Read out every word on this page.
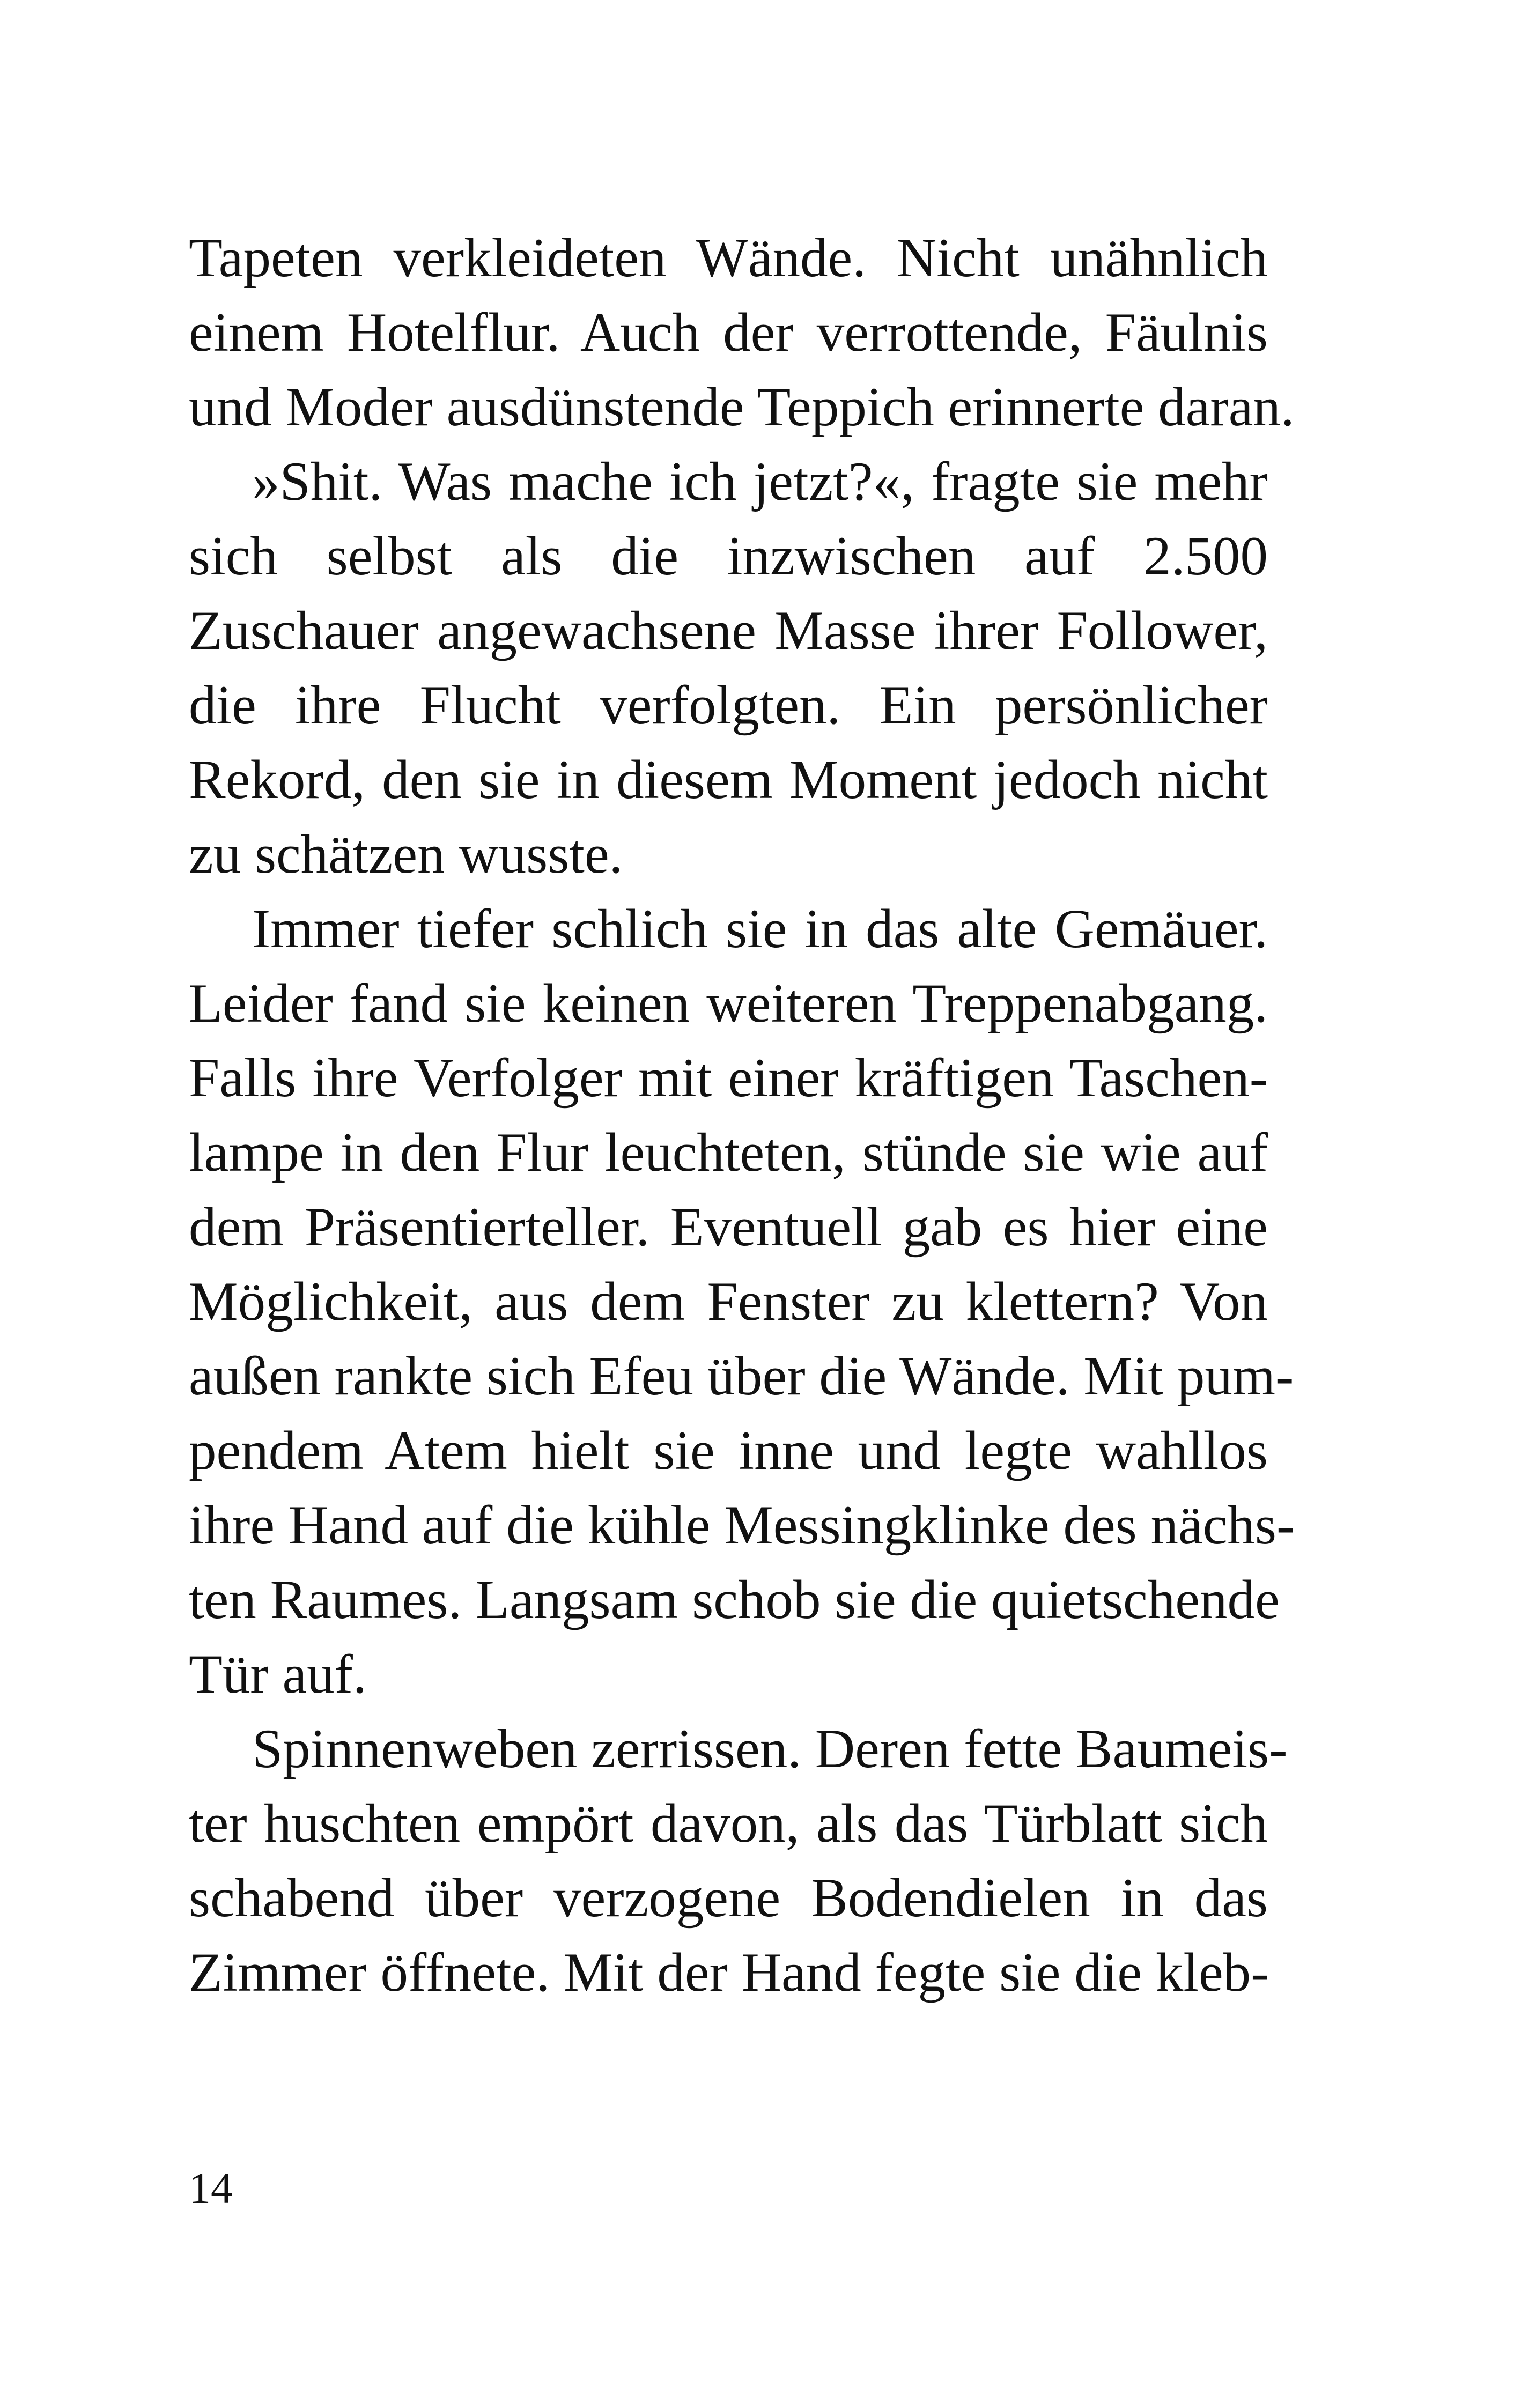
Tapeten verkleideten Wände. Nicht unähnlich
einem Hotelflur. Auch der verrottende, Fäulnis
und Moder ausdünstende Teppich erinnerte daran.
»Shit. Was mache ich jetzt?«, fragte sie mehr
sich selbst als die inzwischen auf 2.500
Zuschauer angewachsene Masse ihrer Follower,
die ihre Flucht verfolgten. Ein persönlicher
Rekord, den sie in diesem Moment jedoch nicht
zu schätzen wusste.
Immer tiefer schlich sie in das alte Gemäuer.
Leider fand sie keinen weiteren Treppenabgang.
Falls ihre Verfolger mit einer kräftigen Taschen-
lampe in den Flur leuchteten, stünde sie wie auf
dem Präsentierteller. Eventuell gab es hier eine
Möglichkeit, aus dem Fenster zu klettern? Von
außen rankte sich Efeu über die Wände. Mit pum-
pendem Atem hielt sie inne und legte wahllos
ihre Hand auf die kühle Messingklinke des nächs-
ten Raumes. Langsam schob sie die quietschende
Tür auf.
Spinnenweben zerrissen. Deren fette Baumeis-
ter huschten empört davon, als das Türblatt sich
schabend über verzogene Bodendielen in das
Zimmer öffnete. Mit der Hand fegte sie die kleb-
14
